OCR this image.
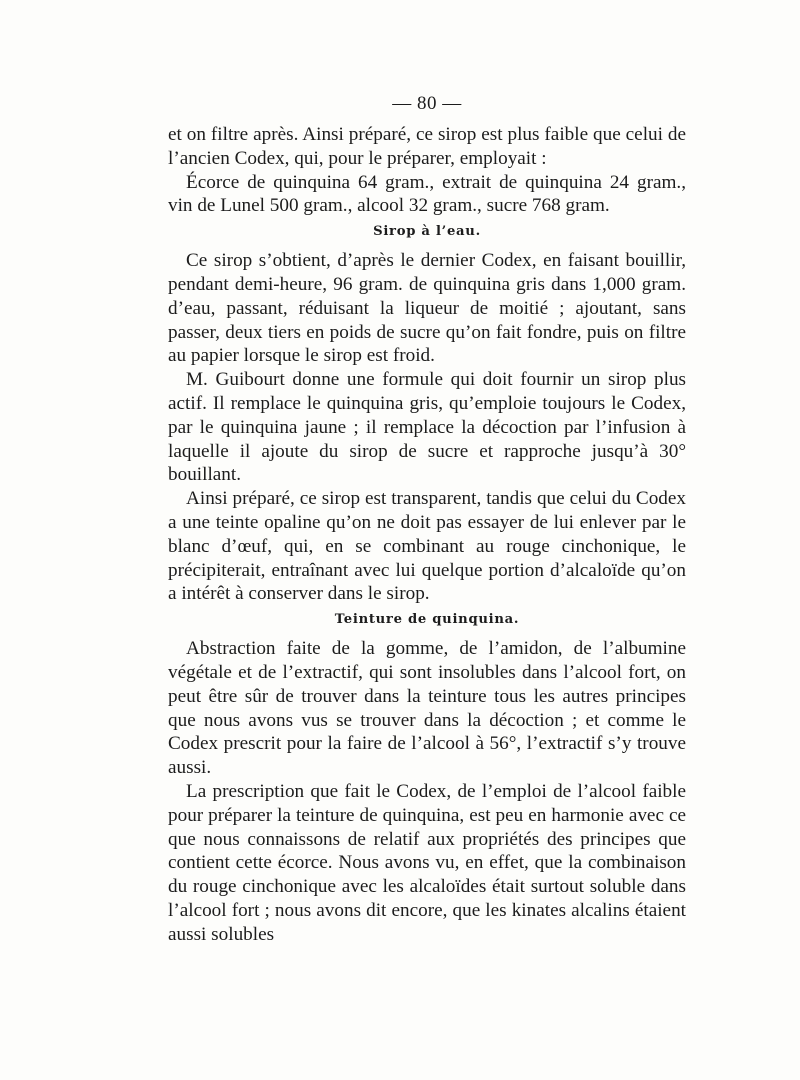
— 80 —

et on filtre après. Ainsi préparé, ce sirop est plus faible que celui de l’ancien Codex, qui, pour le préparer, employait :

Écorce de quinquina 64 gram., extrait de quinquina 24 gram., vin de Lunel 500 gram., alcool 32 gram., sucre 768 gram.

Sirop à l’eau.

Ce sirop s’obtient, d’après le dernier Codex, en faisant bouillir, pendant demi-heure, 96 gram. de quinquina gris dans 1,000 gram. d’eau, passant, réduisant la liqueur de moitié ; ajoutant, sans passer, deux tiers en poids de sucre qu’on fait fondre, puis on filtre au papier lorsque le sirop est froid.

M. Guibourt donne une formule qui doit fournir un sirop plus actif. Il remplace le quinquina gris, qu’emploie toujours le Codex, par le quinquina jaune ; il remplace la décoction par l’infusion à laquelle il ajoute du sirop de sucre et rapproche jusqu’à 30° bouillant.

Ainsi préparé, ce sirop est transparent, tandis que celui du Codex a une teinte opaline qu’on ne doit pas essayer de lui enlever par le blanc d’œuf, qui, en se combinant au rouge cinchonique, le précipiterait, entraînant avec lui quelque portion d’alcaloïde qu’on a intérêt à conserver dans le sirop.

Teinture de quinquina.

Abstraction faite de la gomme, de l’amidon, de l’albumine végétale et de l’extractif, qui sont insolubles dans l’alcool fort, on peut être sûr de trouver dans la teinture tous les autres principes que nous avons vus se trouver dans la décoction ; et comme le Codex prescrit pour la faire de l’alcool à 56°, l’extractif s’y trouve aussi.

La prescription que fait le Codex, de l’emploi de l’alcool faible pour préparer la teinture de quinquina, est peu en harmonie avec ce que nous connaissons de relatif aux propriétés des principes que contient cette écorce. Nous avons vu, en effet, que la combinaison du rouge cinchonique avec les alcaloïdes était surtout soluble dans l’alcool fort ; nous avons dit encore, que les kinates alcalins étaient aussi solubles
